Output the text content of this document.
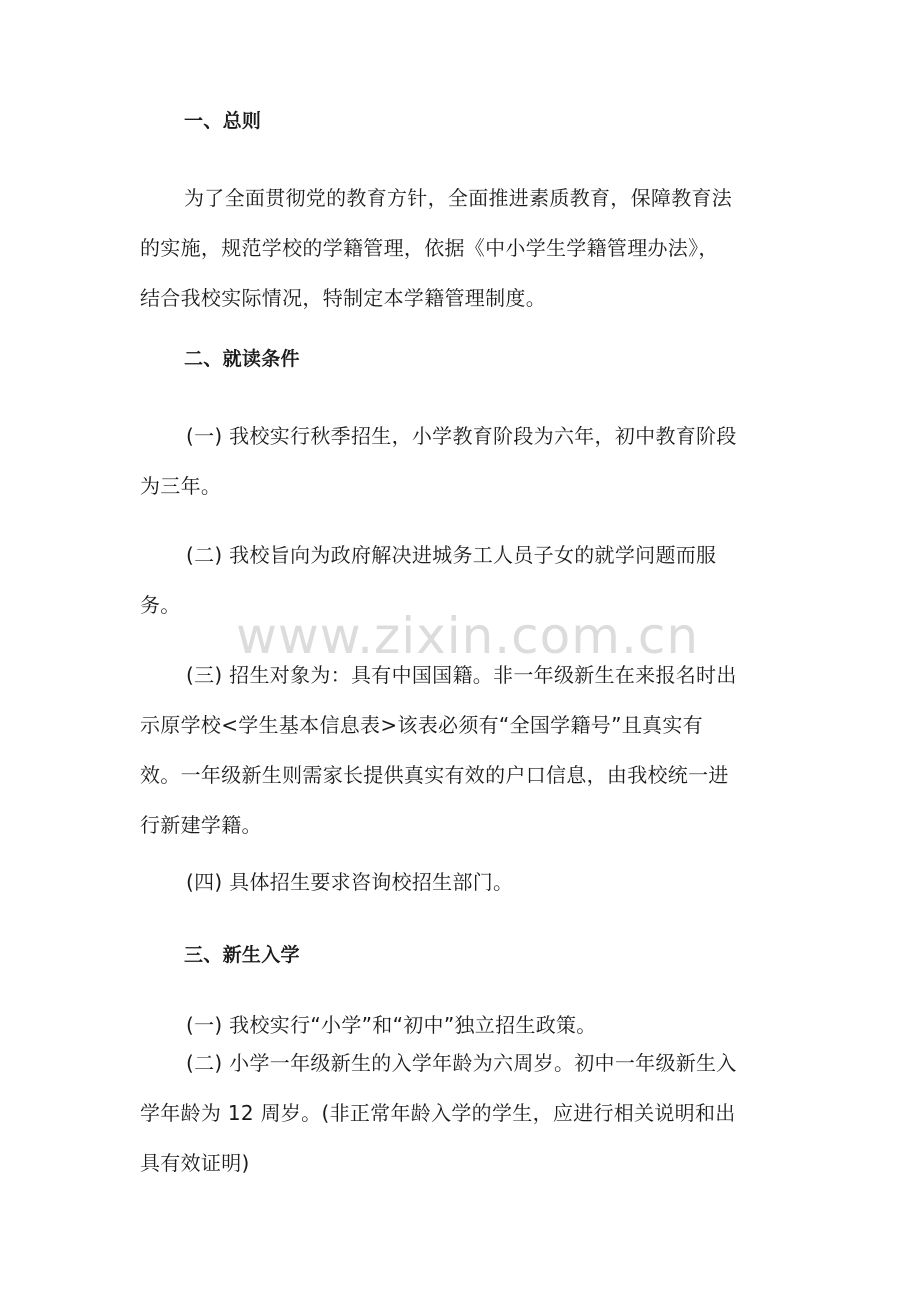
www.zixin.com.cn
一、总则
为了全面贯彻党的教育方针，全面推进素质教育，保障教育法
的实施，规范学校的学籍管理，依据《中小学生学籍管理办法》，
结合我校实际情况，特制定本学籍管理制度。
二、就读条件
(一) 我校实行秋季招生，小学教育阶段为六年，初中教育阶段
为三年。
(二) 我校旨向为政府解决进城务工人员子女的就学问题而服
务。
(三) 招生对象为：具有中国国籍。非一年级新生在来报名时出
示原学校<学生基本信息表>该表必须有“全国学籍号”且真实有
效。一年级新生则需家长提供真实有效的户口信息，由我校统一进
行新建学籍。
(四) 具体招生要求咨询校招生部门。
三、新生入学
(一) 我校实行“小学”和“初中”独立招生政策。
(二) 小学一年级新生的入学年龄为六周岁。初中一年级新生入
学年龄为 12 周岁。(非正常年龄入学的学生，应进行相关说明和出
具有效证明)
